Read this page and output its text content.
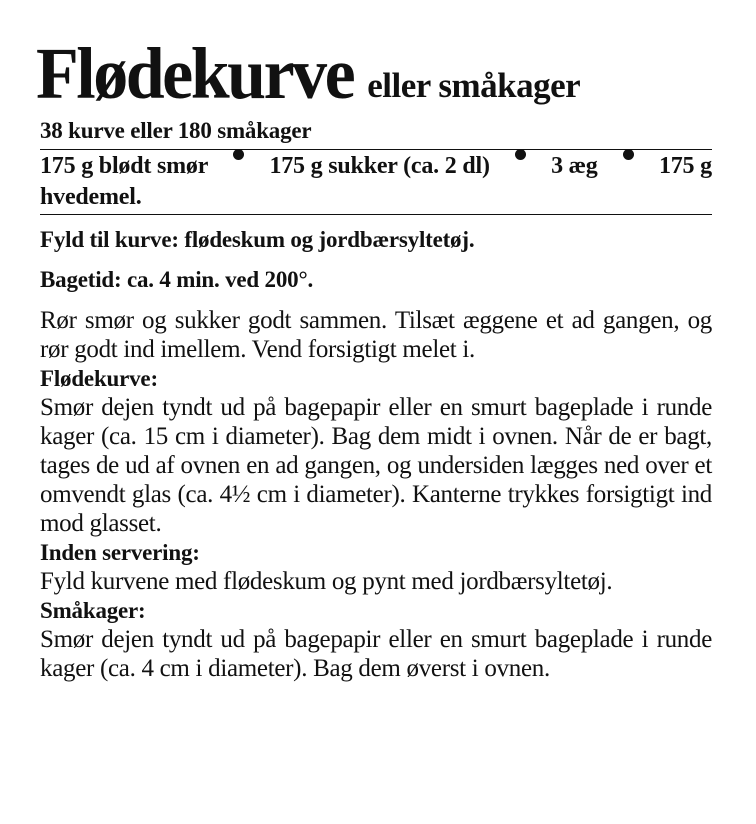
Flødekurve eller småkager
38 kurve eller 180 småkager
175 g blødt smør	175 g sukker (ca. 2 dl)	3 æg	175 g
hvedemel.
Fyld til kurve: flødeskum og jordbærsyltetøj.
Bagetid: ca. 4 min. ved 200°.
Rør smør og sukker godt sammen. Tilsæt æggene et ad gangen, og rør godt ind imellem. Vend forsigtigt melet i.
Flødekurve:
Smør dejen tyndt ud på bagepapir eller en smurt bageplade i runde kager (ca. 15 cm i diameter). Bag dem midt i ovnen. Når de er bagt, tages de ud af ovnen en ad gangen, og undersiden lægges ned over et omvendt glas (ca. 4½ cm i diameter). Kanterne trykkes forsigtigt ind mod glasset.
Inden servering:
Fyld kurvene med flødeskum og pynt med jordbærsyltetøj.
Småkager:
Smør dejen tyndt ud på bagepapir eller en smurt bageplade i runde kager (ca. 4 cm i diameter). Bag dem øverst i ovnen.
